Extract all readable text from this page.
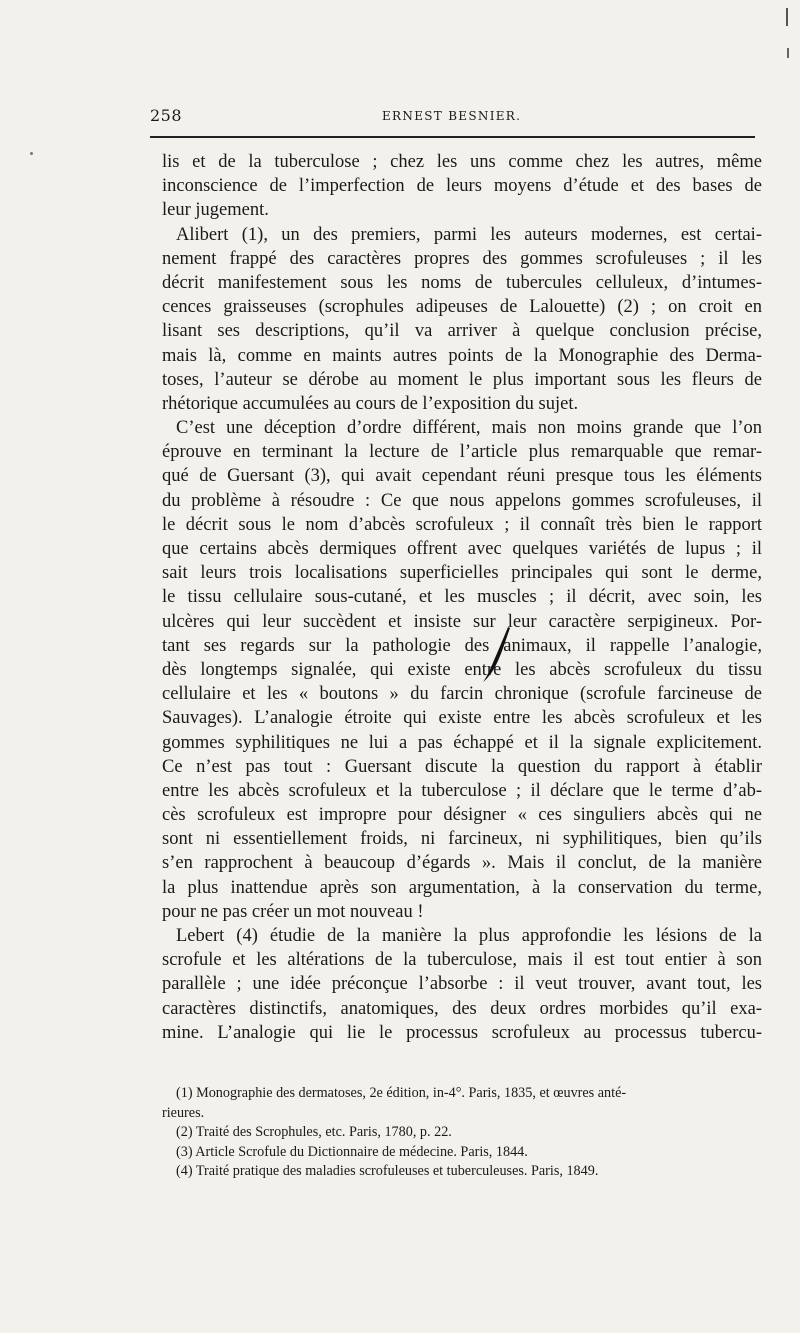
258	ERNEST BESNIER.
lis et de la tuberculose ; chez les uns comme chez les autres, même
inconscience de l’imperfection de leurs moyens d’étude et des bases de
leur jugement.
Alibert (1), un des premiers, parmi les auteurs modernes, est certai-
nement frappé des caractères propres des gommes scrofuleuses ; il les
décrit manifestement sous les noms de tubercules celluleux, d’intumes-
cences graisseuses (scrophules adipeuses de Lalouette) (2) ; on croit en
lisant ses descriptions, qu’il va arriver à quelque conclusion précise,
mais là, comme en maints autres points de la Monographie des Derma-
toses, l’auteur se dérobe au moment le plus important sous les fleurs de
rhétorique accumulées au cours de l’exposition du sujet.
C’est une déception d’ordre différent, mais non moins grande que l’on
éprouve en terminant la lecture de l’article plus remarquable que remar-
qué de Guersant (3), qui avait cependant réuni presque tous les éléments
du problème à résoudre : Ce que nous appelons gommes scrofuleuses, il
le décrit sous le nom d’abcès scrofuleux ; il connaît très bien le rapport
que certains abcès dermiques offrent avec quelques variétés de lupus ; il
sait leurs trois localisations superficielles principales qui sont le derme,
le tissu cellulaire sous-cutané, et les muscles ; il décrit, avec soin, les
ulcères qui leur succèdent et insiste sur leur caractère serpigineux. Por-
tant ses regards sur la pathologie des animaux, il rappelle l’analogie,
dès longtemps signalée, qui existe entre les abcès scrofuleux du tissu
cellulaire et les « boutons » du farcin chronique (scrofule farcineuse de
Sauvages). L’analogie étroite qui existe entre les abcès scrofuleux et les
gommes syphilitiques ne lui a pas échappé et il la signale explicitement.
Ce n’est pas tout : Guersant discute la question du rapport à établir
entre les abcès scrofuleux et la tuberculose ; il déclare que le terme d’ab-
cès scrofuleux est impropre pour désigner « ces singuliers abcès qui ne
sont ni essentiellement froids, ni farcineux, ni syphilitiques, bien qu’ils
s’en rapprochent à beaucoup d’égards ». Mais il conclut, de la manière
la plus inattendue après son argumentation, à la conservation du terme,
pour ne pas créer un mot nouveau !
Lebert (4) étudie de la manière la plus approfondie les lésions de la
scrofule et les altérations de la tuberculose, mais il est tout entier à son
parallèle ; une idée préconçue l’absorbe : il veut trouver, avant tout, les
caractères distinctifs, anatomiques, des deux ordres morbides qu’il exa-
mine. L’analogie qui lie le processus scrofuleux au processus tubercu-
(1) Monographie des dermatoses, 2e édition, in-4°. Paris, 1835, et œuvres anté-
rieures.
(2) Traité des Scrophules, etc. Paris, 1780, p. 22.
(3) Article Scrofule du Dictionnaire de médecine. Paris, 1844.
(4) Traité pratique des maladies scrofuleuses et tuberculeuses. Paris, 1849.
